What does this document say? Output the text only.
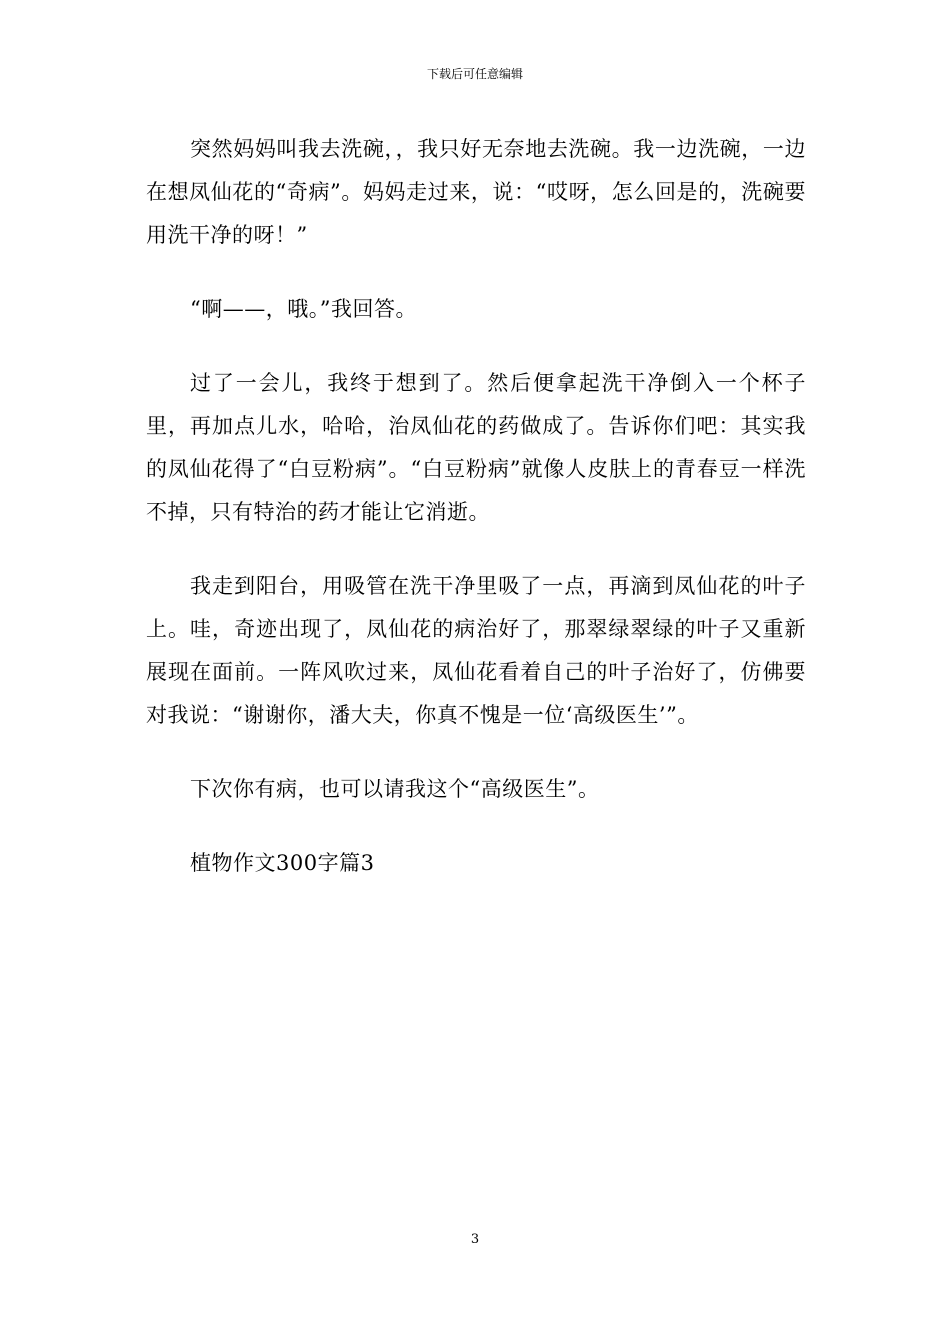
下载后可任意编辑

突然妈妈叫我去洗碗，，我只好无奈地去洗碗。我一边洗碗，一边在想凤仙花的“奇病”。妈妈走过来，说：“哎呀，怎么回是的，洗碗要用洗干净的呀！”

“啊——，哦。”我回答。

过了一会儿，我终于想到了。然后便拿起洗干净倒入一个杯子里，再加点儿水，哈哈，治凤仙花的药做成了。告诉你们吧：其实我的凤仙花得了“白豆粉病”。“白豆粉病”就像人皮肤上的青春豆一样洗不掉，只有特治的药才能让它消逝。

我走到阳台，用吸管在洗干净里吸了一点，再滴到凤仙花的叶子上。哇，奇迹出现了，凤仙花的病治好了，那翠绿翠绿的叶子又重新展现在面前。一阵风吹过来，凤仙花看着自己的叶子治好了，仿佛要对我说：“谢谢你，潘大夫，你真不愧是一位‘高级医生’”。

下次你有病，也可以请我这个“高级医生”。

植物作文300字篇3

3
